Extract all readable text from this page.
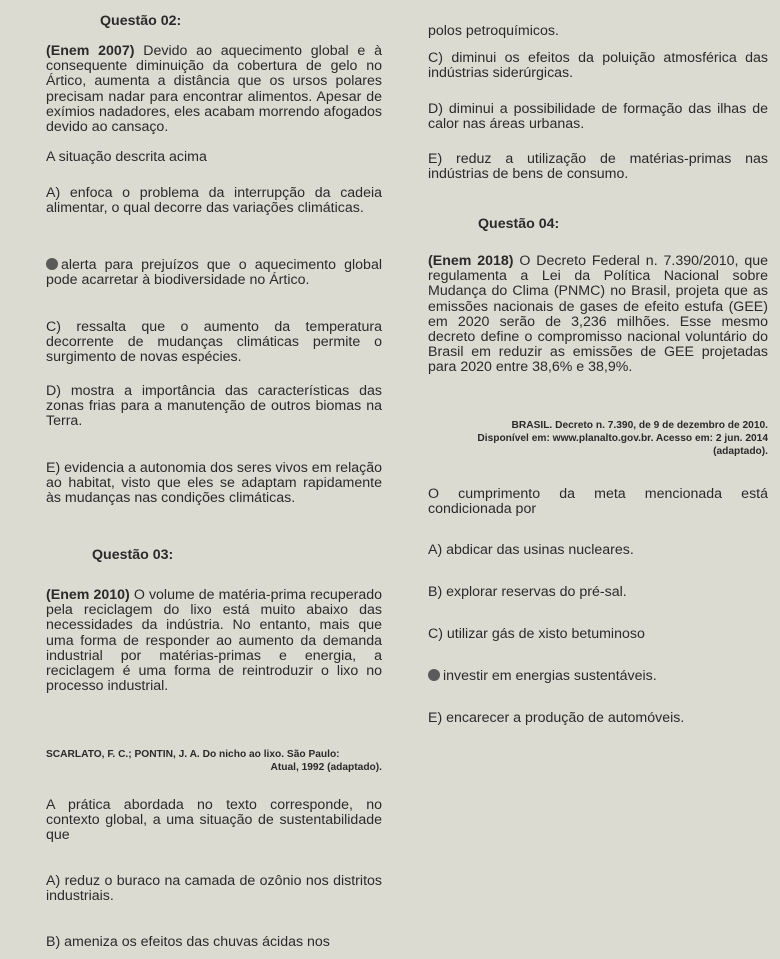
Questão 02:

(Enem 2007) Devido ao aquecimento global e à consequente diminuição da cobertura de gelo no Ártico, aumenta a distância que os ursos polares precisam nadar para encontrar alimentos. Apesar de exímios nadadores, eles acabam morrendo afogados devido ao cansaço.

A situação descrita acima

A) enfoca o problema da interrupção da cadeia alimentar, o qual decorre das variações climáticas.

alerta para prejuízos que o aquecimento global pode acarretar à biodiversidade no Ártico.

C) ressalta que o aumento da temperatura decorrente de mudanças climáticas permite o surgimento de novas espécies.

D) mostra a importância das características das zonas frias para a manutenção de outros biomas na Terra.

E) evidencia a autonomia dos seres vivos em relação ao habitat, visto que eles se adaptam rapidamente às mudanças nas condições climáticas.

Questão 03:

(Enem 2010) O volume de matéria-prima recuperado pela reciclagem do lixo está muito abaixo das necessidades da indústria. No entanto, mais que uma forma de responder ao aumento da demanda industrial por matérias-primas e energia, a reciclagem é uma forma de reintroduzir o lixo no processo industrial.

SCARLATO, F. C.; PONTIN, J. A. Do nicho ao lixo. São Paulo:

Atual, 1992 (adaptado).

A prática abordada no texto corresponde, no contexto global, a uma situação de sustentabilidade que

A) reduz o buraco na camada de ozônio nos distritos industriais.

B) ameniza os efeitos das chuvas ácidas nos

polos petroquímicos.

C) diminui os efeitos da poluição atmosférica das indústrias siderúrgicas.

D) diminui a possibilidade de formação das ilhas de calor nas áreas urbanas.

E) reduz a utilização de matérias-primas nas indústrias de bens de consumo.

Questão 04:

(Enem 2018) O Decreto Federal n. 7.390/2010, que regulamenta a Lei da Política Nacional sobre Mudança do Clima (PNMC) no Brasil, projeta que as emissões nacionais de gases de efeito estufa (GEE) em 2020 serão de 3,236 milhões. Esse mesmo decreto define o compromisso nacional voluntário do Brasil em reduzir as emissões de GEE projetadas para 2020 entre 38,6% e 38,9%.

BRASIL. Decreto n. 7.390, de 9 de dezembro de 2010.

Disponível em: www.planalto.gov.br. Acesso em: 2 jun. 2014

(adaptado).

O cumprimento da meta mencionada está condicionada por

A) abdicar das usinas nucleares.

B) explorar reservas do pré-sal.

C) utilizar gás de xisto betuminoso

investir em energias sustentáveis.

E) encarecer a produção de automóveis.
